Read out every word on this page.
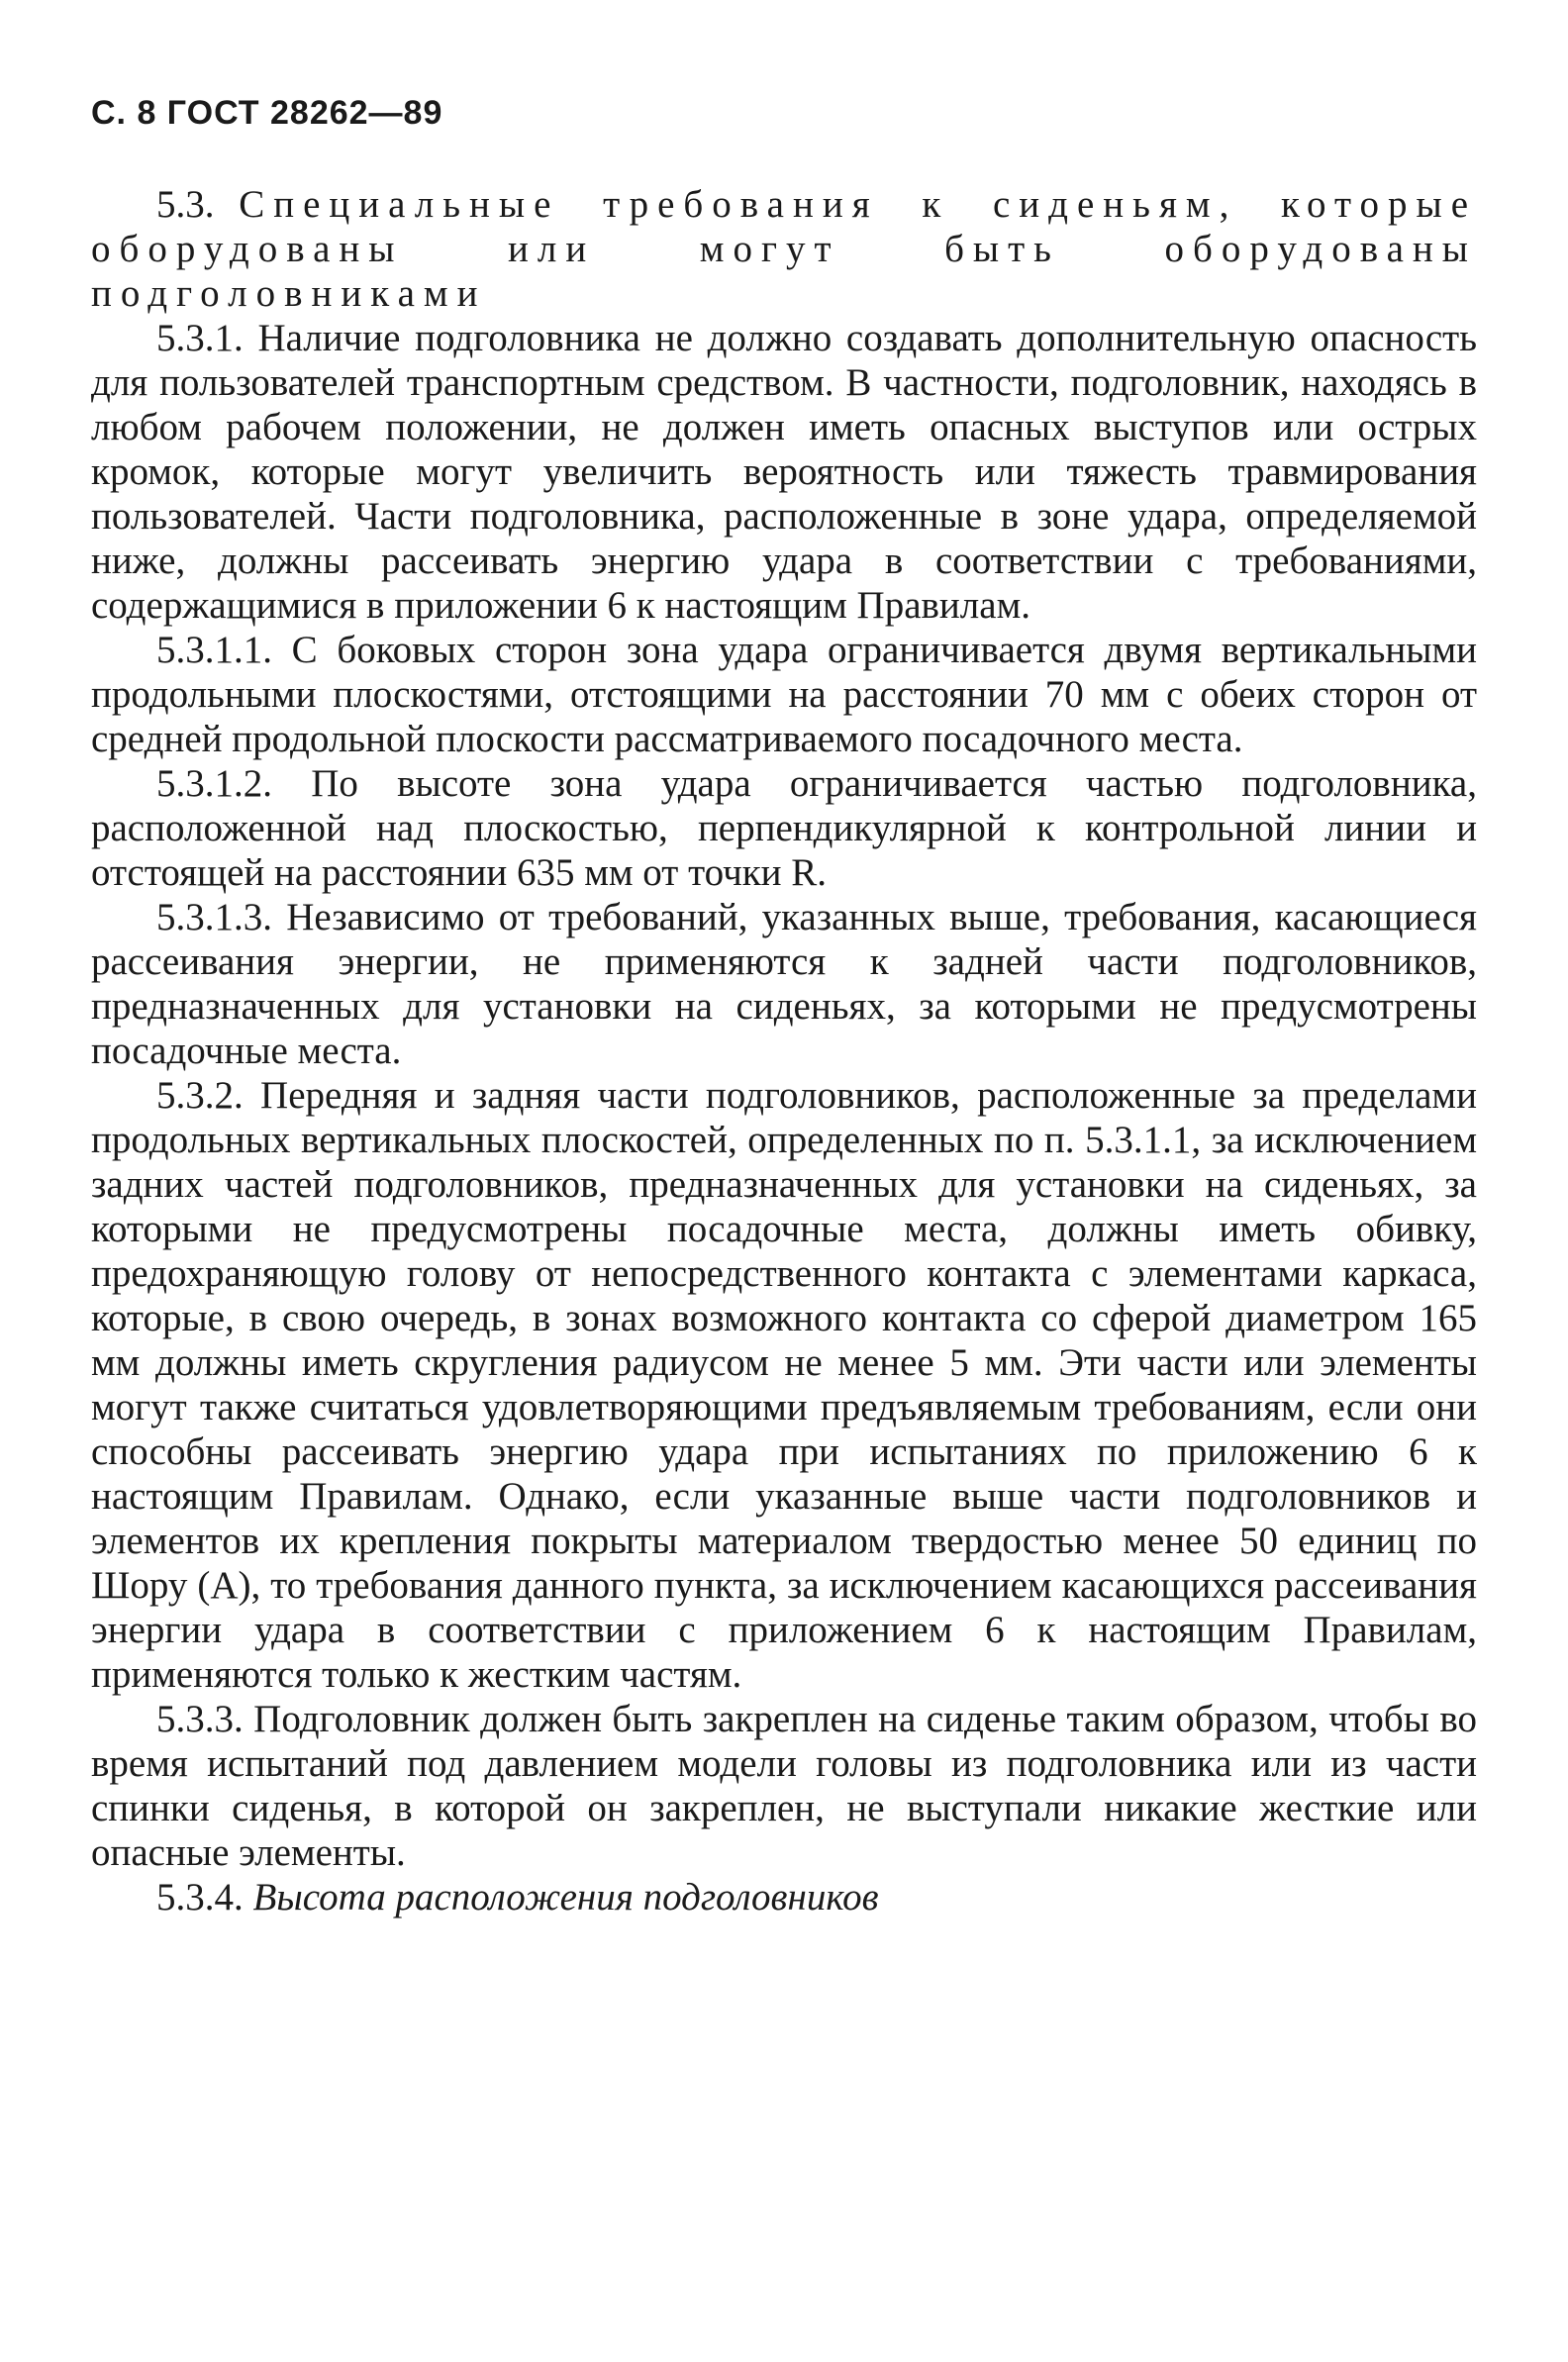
С. 8 ГОСТ 28262—89

5.3. Специальные требования к сиденьям, которые оборудованы или могут быть оборудованы подголовниками

5.3.1. Наличие подголовника не должно создавать дополнительную опасность для пользователей транспортным средством. В частности, подголовник, находясь в любом рабочем положении, не должен иметь опасных выступов или острых кромок, которые могут увеличить вероятность или тяжесть травмирования пользователей. Части подголовника, расположенные в зоне удара, определяемой ниже, должны рассеивать энергию удара в соответствии с требованиями, содержащимися в приложении 6 к настоящим Правилам.

5.3.1.1. С боковых сторон зона удара ограничивается двумя вертикальными продольными плоскостями, отстоящими на расстоянии 70 мм с обеих сторон от средней продольной плоскости рассматриваемого посадочного места.

5.3.1.2. По высоте зона удара ограничивается частью подголовника, расположенной над плоскостью, перпендикулярной к контрольной линии и отстоящей на расстоянии 635 мм от точки R.

5.3.1.3. Независимо от требований, указанных выше, требования, касающиеся рассеивания энергии, не применяются к задней части подголовников, предназначенных для установки на сиденьях, за которыми не предусмотрены посадочные места.

5.3.2. Передняя и задняя части подголовников, расположенные за пределами продольных вертикальных плоскостей, определенных по п. 5.3.1.1, за исключением задних частей подголовников, предназначенных для установки на сиденьях, за которыми не предусмотрены посадочные места, должны иметь обивку, предохраняющую голову от непосредственного контакта с элементами каркаса, которые, в свою очередь, в зонах возможного контакта со сферой диаметром 165 мм должны иметь скругления радиусом не менее 5 мм. Эти части или элементы могут также считаться удовлетворяющими предъявляемым требованиям, если они способны рассеивать энергию удара при испытаниях по приложению 6 к настоящим Правилам. Однако, если указанные выше части подголовников и элементов их крепления покрыты материалом твердостью менее 50 единиц по Шору (А), то требования данного пункта, за исключением касающихся рассеивания энергии удара в соответствии с приложением 6 к настоящим Правилам, применяются только к жестким частям.

5.3.3. Подголовник должен быть закреплен на сиденье таким образом, чтобы во время испытаний под давлением модели головы из подголовника или из части спинки сиденья, в которой он закреплен, не выступали никакие жесткие или опасные элементы.

5.3.4. Высота расположения подголовников
